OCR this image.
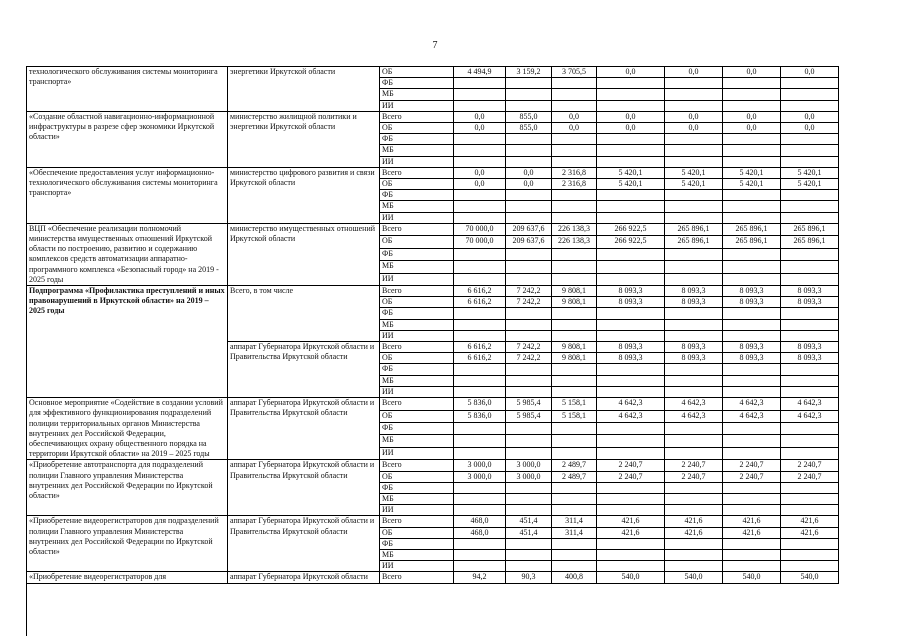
7
технологического обслуживания системы мониторинга транспорта»	энергетики Иркутской области	ОБ	4 494,9	3 159,2	3 705,5	0,0	0,0	0,0	0,0
		ФБ							
		МБ							
		ИИ							
«Создание областной навигационно-информационной инфраструктуры в разрезе сфер экономики Иркутской области»	министерство жилищной политики и энергетики Иркутской области	Всего	0,0	855,0	0,0	0,0	0,0	0,0	0,0
		ОБ	0,0	855,0	0,0	0,0	0,0	0,0	0,0
		ФБ							
		МБ							
		ИИ							
«Обеспечение предоставления услуг информационно-технологического обслуживания системы мониторинга транспорта»	министерство цифрового развития и связи Иркутской области	Всего	0,0	0,0	2 316,8	5 420,1	5 420,1	5 420,1	5 420,1
		ОБ	0,0	0,0	2 316,8	5 420,1	5 420,1	5 420,1	5 420,1
		ФБ							
		МБ							
		ИИ							
ВЦП «Обеспечение реализации полномочий министерства имущественных отношений Иркутской области по построению, развитию и содержанию комплексов средств автоматизации аппаратно-программного комплекса «Безопасный город» на 2019 - 2025 годы	министерство имущественных отношений Иркутской области	Всего	70 000,0	209 637,6	226 138,3	266 922,5	265 896,1	265 896,1	265 896,1
		ОБ	70 000,0	209 637,6	226 138,3	266 922,5	265 896,1	265 896,1	265 896,1
		ФБ							
		МБ							
		ИИ							
Подпрограмма «Профилактика преступлений и иных правонарушений в Иркутской области» на 2019 – 2025 годы	Всего, в том числе	Всего	6 616,2	7 242,2	9 808,1	8 093,3	8 093,3	8 093,3	8 093,3
		ОБ	6 616,2	7 242,2	9 808,1	8 093,3	8 093,3	8 093,3	8 093,3
		ФБ							
		МБ							
		ИИ							
	аппарат Губернатора Иркутской области и Правительства Иркутской области	Всего	6 616,2	7 242,2	9 808,1	8 093,3	8 093,3	8 093,3	8 093,3
		ОБ	6 616,2	7 242,2	9 808,1	8 093,3	8 093,3	8 093,3	8 093,3
		ФБ							
		МБ							
		ИИ							
Основное мероприятие «Содействие в создании условий для эффективного функционирования подразделений полиции территориальных органов Министерства внутренних дел Российской Федерации, обеспечивающих охрану общественного порядка на территории Иркутской области» на 2019 – 2025 годы	аппарат Губернатора Иркутской области и Правительства Иркутской области	Всего	5 836,0	5 985,4	5 158,1	4 642,3	4 642,3	4 642,3	4 642,3
		ОБ	5 836,0	5 985,4	5 158,1	4 642,3	4 642,3	4 642,3	4 642,3
		ФБ							
		МБ							
		ИИ							
«Приобретение автотранспорта для подразделений полиции Главного управления Министерства внутренних дел Российской Федерации по Иркутской области»	аппарат Губернатора Иркутской области и Правительства Иркутской области	Всего	3 000,0	3 000,0	2 489,7	2 240,7	2 240,7	2 240,7	2 240,7
		ОБ	3 000,0	3 000,0	2 489,7	2 240,7	2 240,7	2 240,7	2 240,7
		ФБ							
		МБ							
		ИИ							
«Приобретение видеорегистраторов для подразделений полиции Главного управления Министерства внутренних дел Российской Федерации по Иркутской области»	аппарат Губернатора Иркутской области и Правительства Иркутской области	Всего	468,0	451,4	311,4	421,6	421,6	421,6	421,6
		ОБ	468,0	451,4	311,4	421,6	421,6	421,6	421,6
		ФБ							
		МБ							
		ИИ							
«Приобретение видеорегистраторов для	аппарат Губернатора Иркутской области	Всего	94,2	90,3	400,8	540,0	540,0	540,0	540,0
